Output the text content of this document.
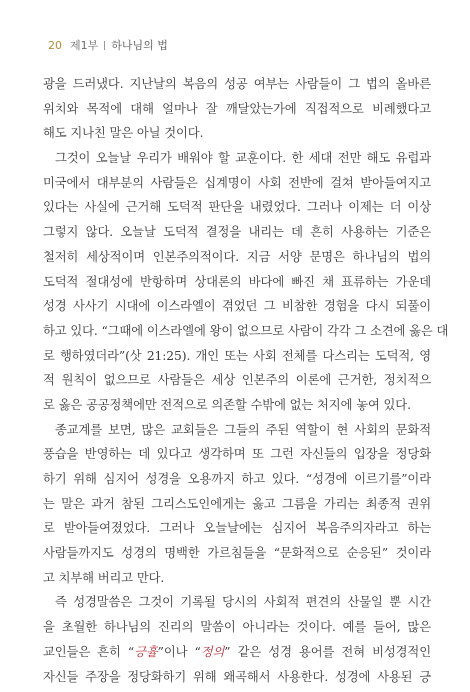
20 제1부 하나님의 법
광을 드러냈다. 지난날의 복음의 성공 여부는 사람들이 그 법의 올바른
위치와 목적에 대해 얼마나 잘 깨달았는가에 직접적으로 비례했다고
해도 지나친 말은 아닐 것이다.
그것이 오늘날 우리가 배워야 할 교훈이다. 한 세대 전만 해도 유럽과
미국에서 대부분의 사람들은 십계명이 사회 전반에 걸쳐 받아들여지고
있다는 사실에 근거해 도덕적 판단을 내렸었다. 그러나 이제는 더 이상
그렇지 않다. 오늘날 도덕적 결정을 내리는 데 흔히 사용하는 기준은
철저히 세상적이며 인본주의적이다. 지금 서양 문명은 하나님의 법의
도덕적 절대성에 반항하며 상대론의 바다에 빠진 채 표류하는 가운데
성경 사사기 시대에 이스라엘이 겪었던 그 비참한 경험을 다시 되풀이
하고 있다. “그때에 이스라엘에 왕이 없으므로 사람이 각각 그 소견에 옳은 대
로 행하였더라”(삿 21:25). 개인 또는 사회 전체를 다스리는 도덕적, 영
적 원칙이 없으므로 사람들은 세상 인본주의 이론에 근거한, 정치적으
로 옳은 공공정책에만 전적으로 의존할 수밖에 없는 처지에 놓여 있다.
종교계를 보면, 많은 교회들은 그들의 주된 역할이 현 사회의 문화적
풍습을 반영하는 데 있다고 생각하며 또 그런 자신들의 입장을 정당화
하기 위해 심지어 성경을 오용까지 하고 있다. “성경에 이르기를”이라
는 말은 과거 참된 그리스도인에게는 옳고 그름을 가리는 최종적 권위
로 받아들여졌었다. 그러나 오늘날에는 심지어 복음주의자라고 하는
사람들까지도 성경의 명백한 가르침들을 “문화적으로 순응된” 것이라
고 치부해 버리고 만다.
즉 성경말씀은 그것이 기록될 당시의 사회적 편견의 산물일 뿐 시간
을 초월한 하나님의 진리의 말씀이 아니라는 것이다. 예를 들어, 많은
교인들은 흔히 “긍휼”이나 “정의” 같은 성경 용어를 전혀 비성경적인
자신들 주장을 정당화하기 위해 왜곡해서 사용한다. 성경에 사용된 긍
